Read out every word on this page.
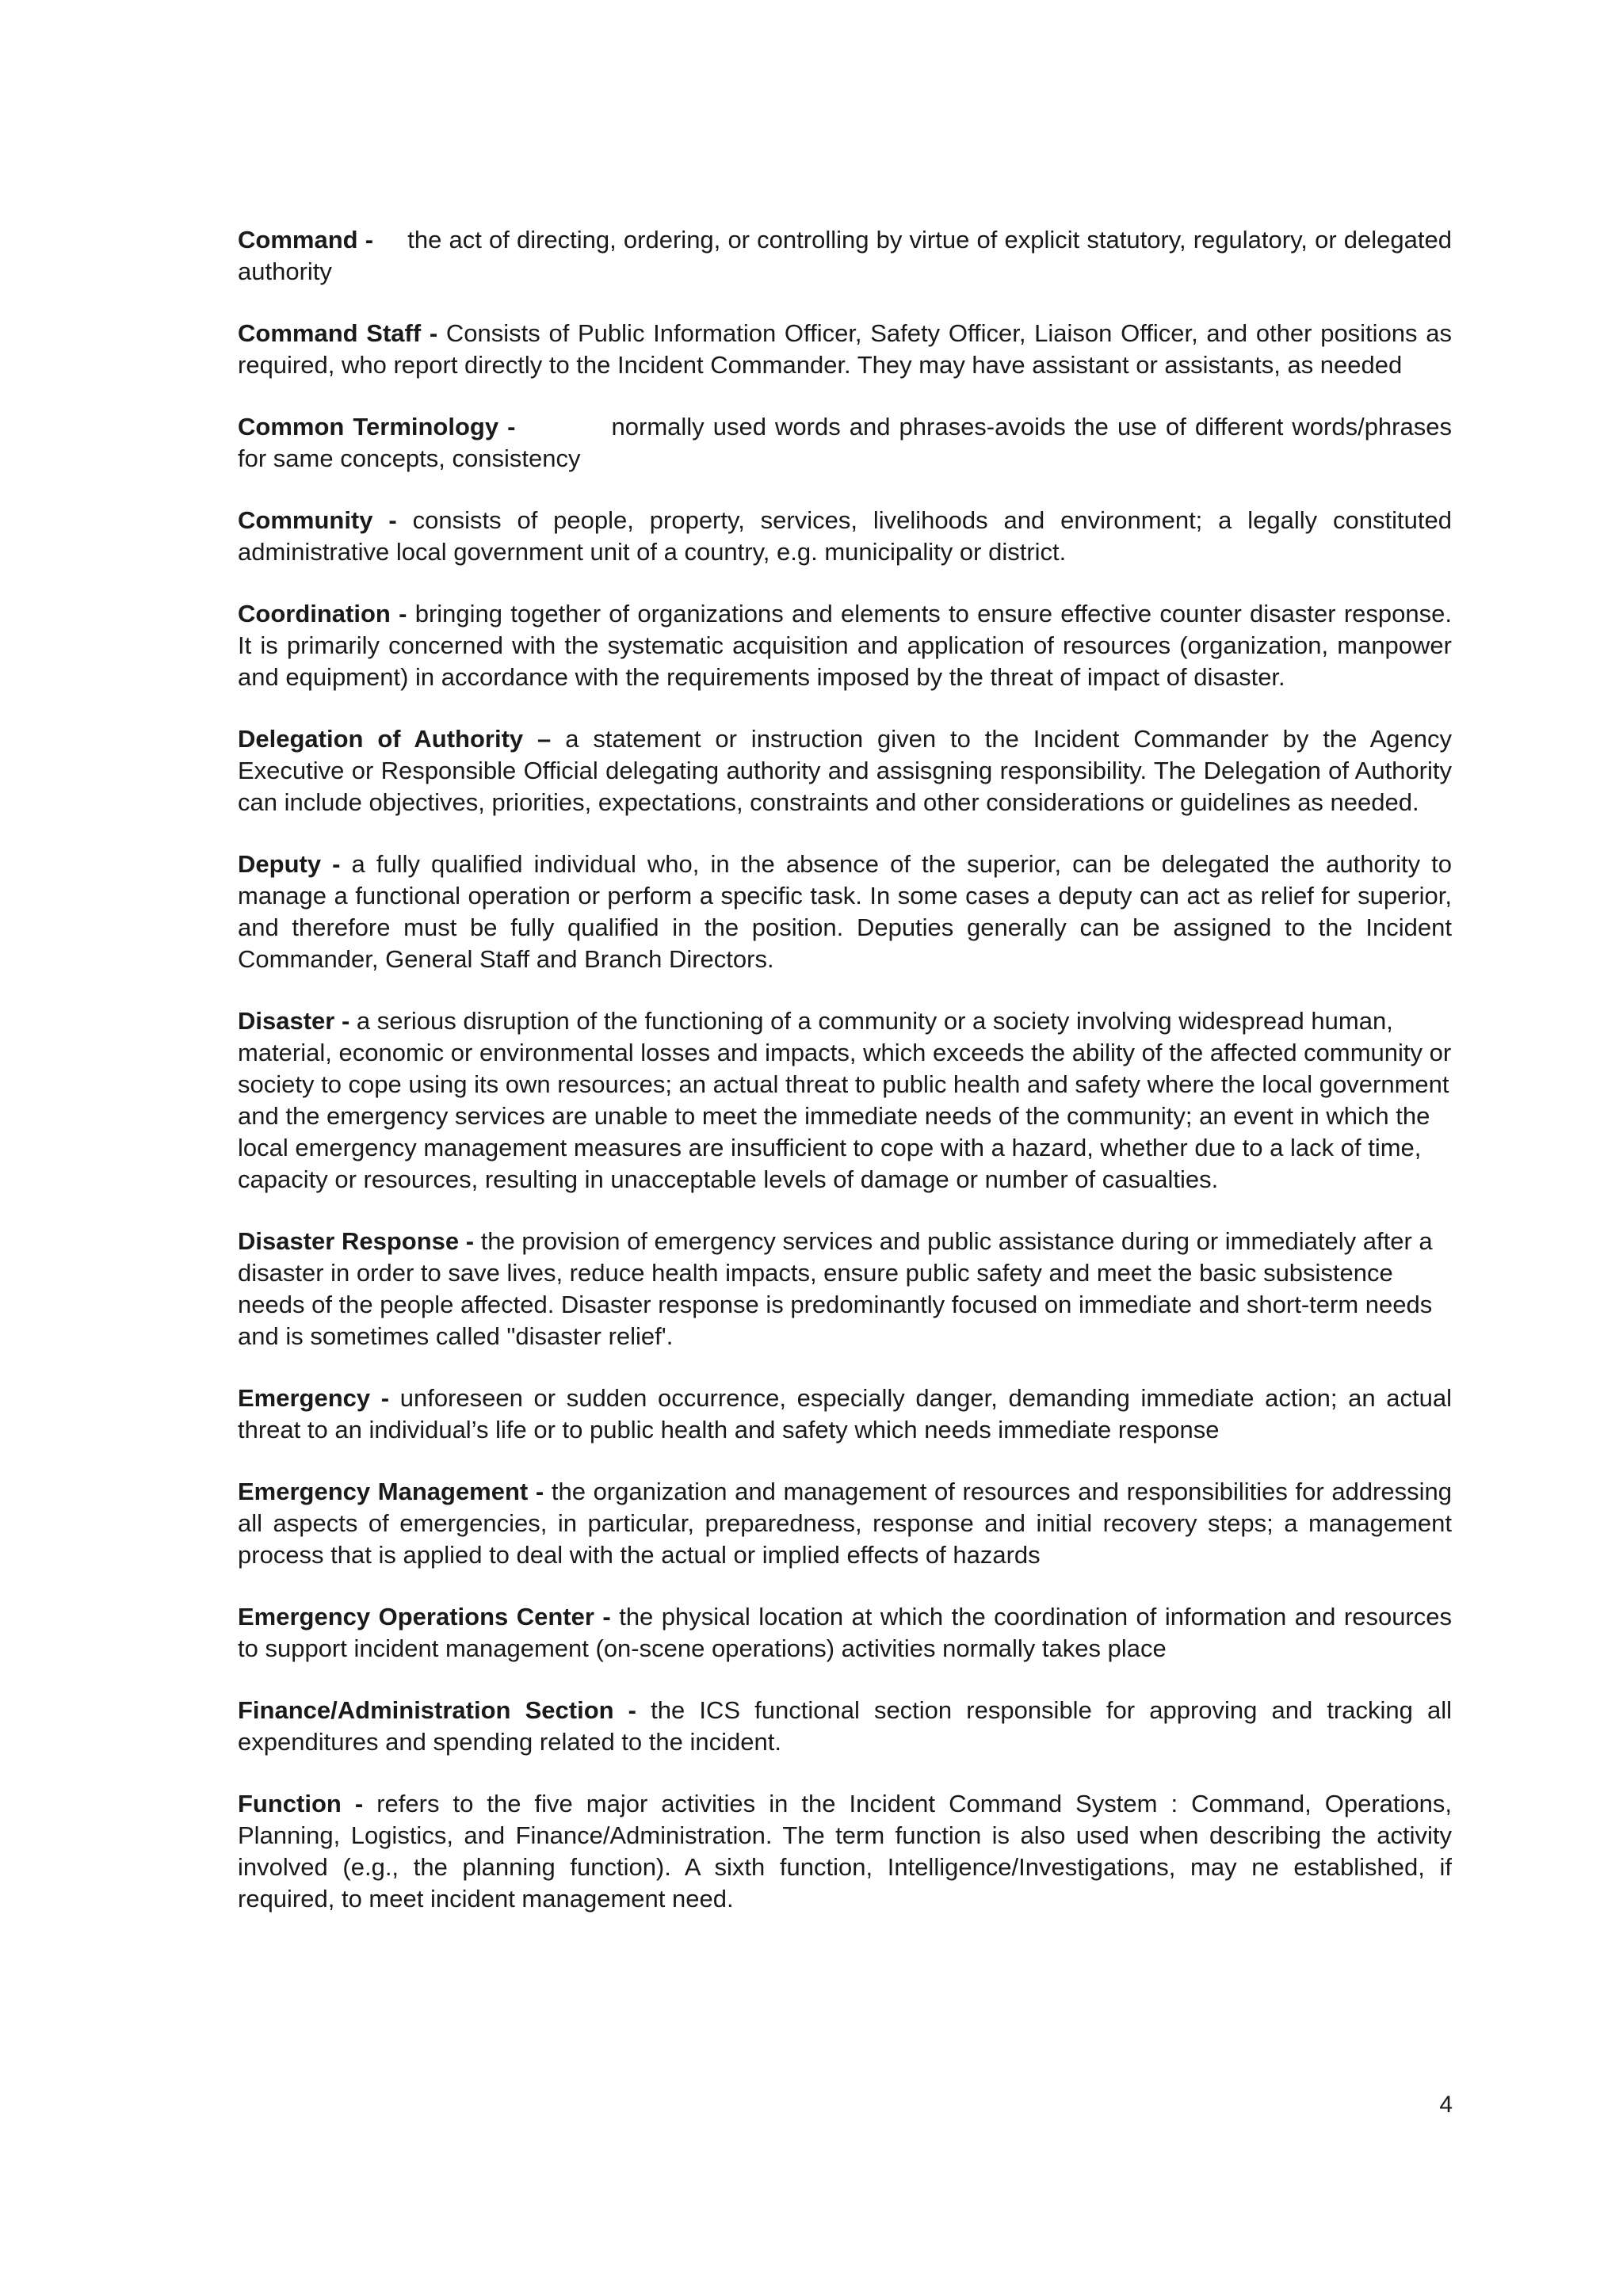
Command - the act of directing, ordering, or controlling by virtue of explicit statutory, regulatory, or delegated authority

Command Staff - Consists of Public Information Officer, Safety Officer, Liaison Officer, and other positions as required, who report directly to the Incident Commander. They may have assistant or assistants, as needed

Common Terminology -	normally used words and phrases-avoids the use of different words/phrases for same concepts, consistency

Community - consists of people, property, services, livelihoods and environment; a legally constituted administrative local government unit of a country, e.g. municipality or district.

Coordination - bringing together of organizations and elements to ensure effective counter disaster response. It is primarily concerned with the systematic acquisition and application of resources (organization, manpower and equipment) in accordance with the requirements imposed by the threat of impact of disaster.

Delegation of Authority – a statement or instruction given to the Incident Commander by the Agency Executive or Responsible Official delegating authority and assisgning responsibility. The Delegation of Authority can include objectives, priorities, expectations, constraints and other considerations or guidelines as needed.

Deputy - a fully qualified individual who, in the absence of the superior, can be delegated the authority to manage a functional operation or perform a specific task. In some cases a deputy can act as relief for superior, and therefore must be fully qualified in the position. Deputies generally can be assigned to the Incident Commander, General Staff and Branch Directors.

Disaster - a serious disruption of the functioning of a community or a society involving widespread human, material, economic or environmental losses and impacts, which exceeds the ability of the affected community or society to cope using its own resources; an actual threat to public health and safety where the local government and the emergency services are unable to meet the immediate needs of the community; an event in which the local emergency management measures are insufficient to cope with a hazard, whether due to a lack of time, capacity or resources, resulting in unacceptable levels of damage or number of casualties.

Disaster Response - the provision of emergency services and public assistance during or immediately after a disaster in order to save lives, reduce health impacts, ensure public safety and meet the basic subsistence needs of the people affected. Disaster response is predominantly focused on immediate and short-term needs and is sometimes called "disaster relief'.

Emergency - unforeseen or sudden occurrence, especially danger, demanding immediate action; an actual threat to an individual’s life or to public health and safety which needs immediate response

Emergency Management - the organization and management of resources and responsibilities for addressing all aspects of emergencies, in particular, preparedness, response and initial recovery steps; a management process that is applied to deal with the actual or implied effects of hazards

Emergency Operations Center - the physical location at which the coordination of information and resources to support incident management (on-scene operations) activities normally takes place

Finance/Administration Section - the ICS functional section responsible for approving and tracking all expenditures and spending related to the incident.

Function - refers to the five major activities in the Incident Command System : Command, Operations, Planning, Logistics, and Finance/Administration. The term function is also used when describing the activity involved (e.g., the planning function). A sixth function, Intelligence/Investigations, may ne established, if required, to meet incident management need.

4
